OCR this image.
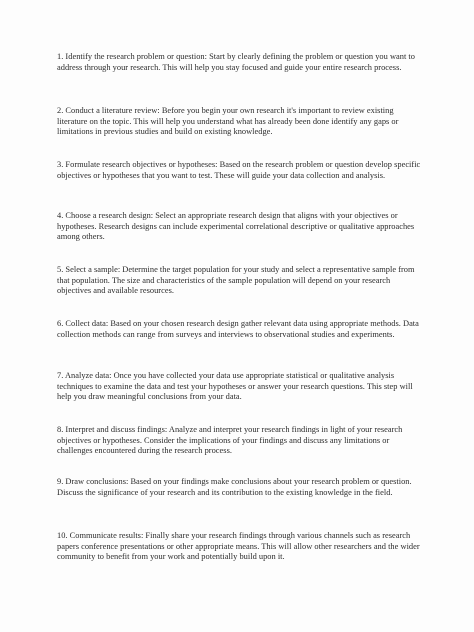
1. Identify the research problem or question: Start by clearly defining the problem or question you want to address through your research. This will help you stay focused and guide your entire research process.

2. Conduct a literature review: Before you begin your own research it's important to review existing literature on the topic. This will help you understand what has already been done identify any gaps or limitations in previous studies and build on existing knowledge.

3. Formulate research objectives or hypotheses: Based on the research problem or question develop specific objectives or hypotheses that you want to test. These will guide your data collection and analysis.

4. Choose a research design: Select an appropriate research design that aligns with your objectives or hypotheses. Research designs can include experimental correlational descriptive or qualitative approaches among others.

5. Select a sample: Determine the target population for your study and select a representative sample from that population. The size and characteristics of the sample population will depend on your research objectives and available resources.

6. Collect data: Based on your chosen research design gather relevant data using appropriate methods. Data collection methods can range from surveys and interviews to observational studies and experiments.

7. Analyze data: Once you have collected your data use appropriate statistical or qualitative analysis techniques to examine the data and test your hypotheses or answer your research questions. This step will help you draw meaningful conclusions from your data.

8. Interpret and discuss findings: Analyze and interpret your research findings in light of your research objectives or hypotheses. Consider the implications of your findings and discuss any limitations or challenges encountered during the research process.

9. Draw conclusions: Based on your findings make conclusions about your research problem or question. Discuss the significance of your research and its contribution to the existing knowledge in the field.

10. Communicate results: Finally share your research findings through various channels such as research papers conference presentations or other appropriate means. This will allow other researchers and the wider community to benefit from your work and potentially build upon it.
